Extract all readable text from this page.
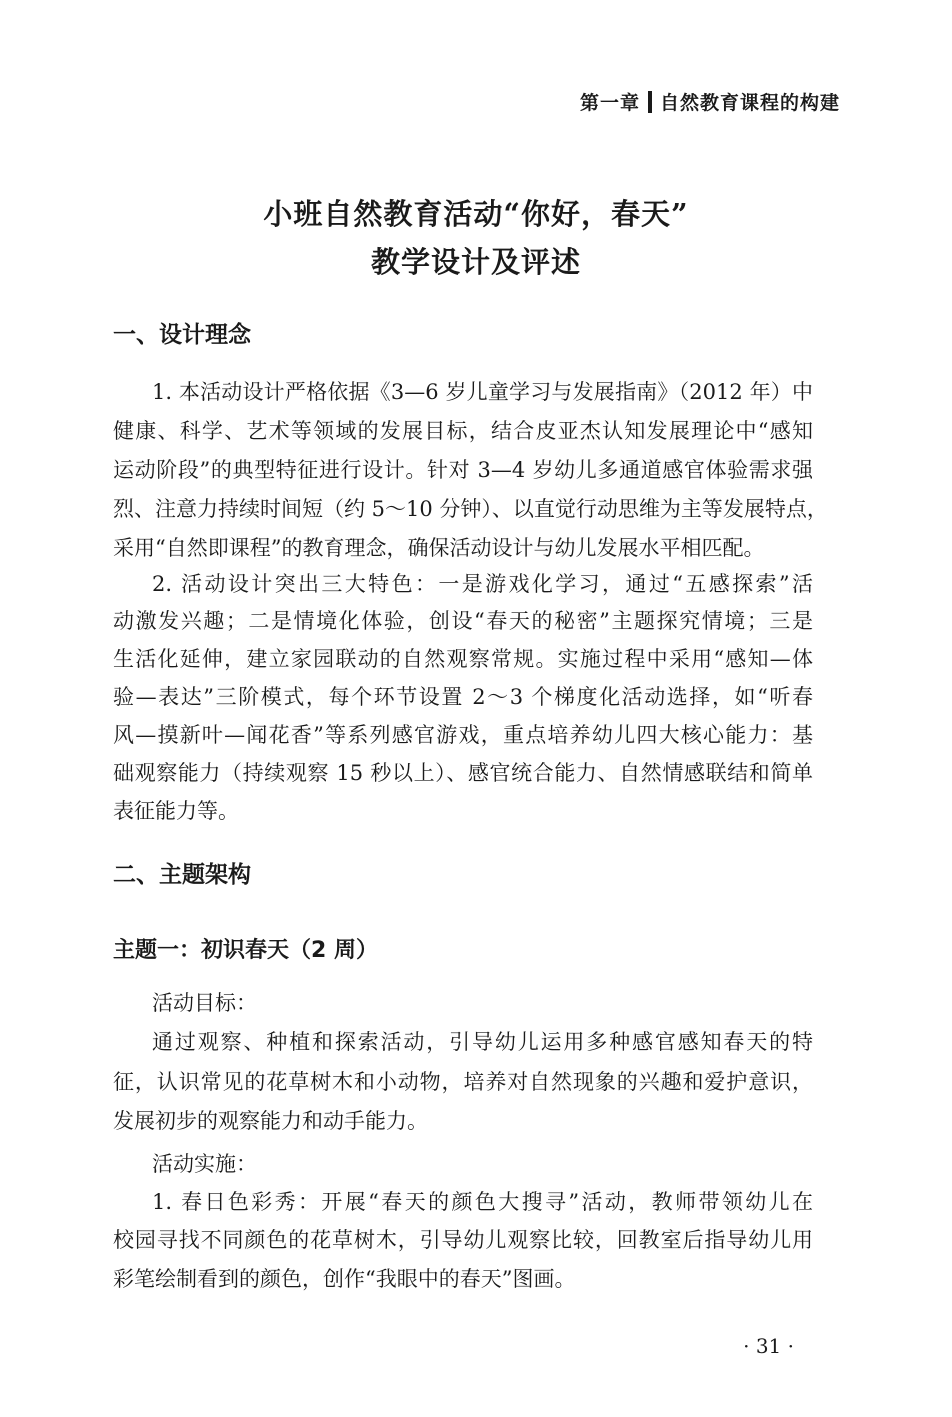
第一章 自然教育课程的构建
小班自然教育活动“你好，春天”
教学设计及评述
一、设计理念
1. 本活动设计严格依据《3—6 岁儿童学习与发展指南》（2012 年）中
健康、科学、艺术等领域的发展目标，结合皮亚杰认知发展理论中“感知
运动阶段”的典型特征进行设计。针对 3—4 岁幼儿多通道感官体验需求强
烈、注意力持续时间短（约 5～10 分钟）、以直觉行动思维为主等发展特点，
采用“自然即课程”的教育理念，确保活动设计与幼儿发展水平相匹配。
2. 活动设计突出三大特色：一是游戏化学习，通过“五感探索”活
动激发兴趣；二是情境化体验，创设“春天的秘密”主题探究情境；三是
生活化延伸，建立家园联动的自然观察常规。实施过程中采用“感知—体
验—表达”三阶模式，每个环节设置 2～3 个梯度化活动选择，如“听春
风—摸新叶—闻花香”等系列感官游戏，重点培养幼儿四大核心能力：基
础观察能力（持续观察 15 秒以上）、感官统合能力、自然情感联结和简单
表征能力等。
二、主题架构
主题一：初识春天（2 周）
活动目标：
通过观察、种植和探索活动，引导幼儿运用多种感官感知春天的特
征，认识常见的花草树木和小动物，培养对自然现象的兴趣和爱护意识，
发展初步的观察能力和动手能力。
活动实施：
1. 春日色彩秀：开展“春天的颜色大搜寻”活动，教师带领幼儿在
校园寻找不同颜色的花草树木，引导幼儿观察比较，回教室后指导幼儿用
彩笔绘制看到的颜色，创作“我眼中的春天”图画。
· 31 ·
